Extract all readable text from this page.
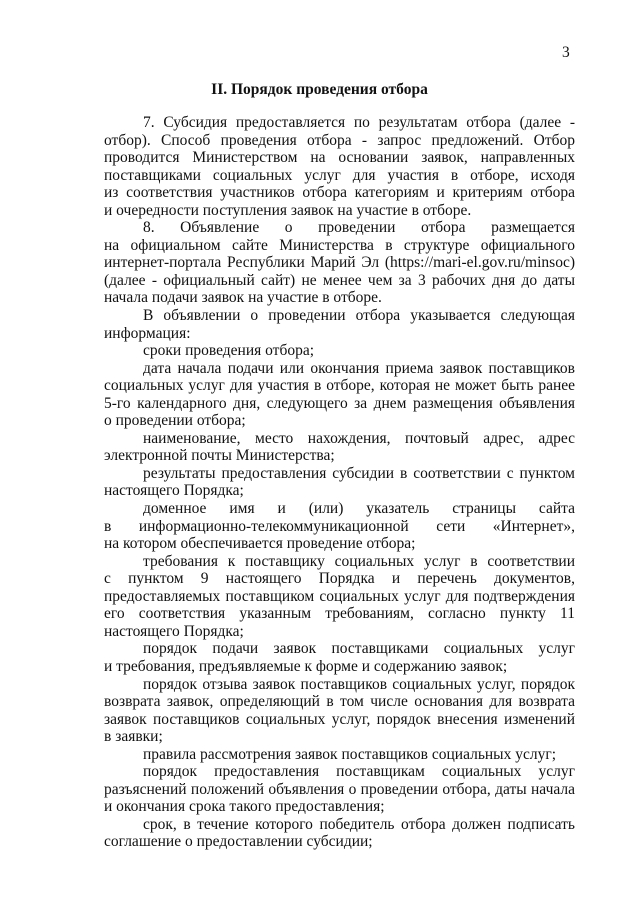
3
II. Порядок проведения отбора
7. Субсидия предоставляется по результатам отбора (далее -
отбор). Способ проведения отбора - запрос предложений. Отбор
проводится Министерством на основании заявок, направленных
поставщиками социальных услуг для участия в отборе, исходя
из соответствия участников отбора категориям и критериям отбора
и очередности поступления заявок на участие в отборе.
8. Объявление о проведении отбора размещается
на официальном сайте Министерства в структуре официального
интернет-портала Республики Марий Эл (https://mari-el.gov.ru/minsoc)
(далее - официальный сайт) не менее чем за 3 рабочих дня до даты
начала подачи заявок на участие в отборе.
В объявлении о проведении отбора указывается следующая
информация:
сроки проведения отбора;
дата начала подачи или окончания приема заявок поставщиков
социальных услуг для участия в отборе, которая не может быть ранее
5-го календарного дня, следующего за днем размещения объявления
о проведении отбора;
наименование, место нахождения, почтовый адрес, адрес
электронной почты Министерства;
результаты предоставления субсидии в соответствии с пунктом
настоящего Порядка;
доменное имя и (или) указатель страницы сайта
в информационно-телекоммуникационной сети «Интернет»,
на котором обеспечивается проведение отбора;
требования к поставщику социальных услуг в соответствии
с пунктом 9 настоящего Порядка и перечень документов,
предоставляемых поставщиком социальных услуг для подтверждения
его соответствия указанным требованиям, согласно пункту 11
настоящего Порядка;
порядок подачи заявок поставщиками социальных услуг
и требования, предъявляемые к форме и содержанию заявок;
порядок отзыва заявок поставщиков социальных услуг, порядок
возврата заявок, определяющий в том числе основания для возврата
заявок поставщиков социальных услуг, порядок внесения изменений
в заявки;
правила рассмотрения заявок поставщиков социальных услуг;
порядок предоставления поставщикам социальных услуг
разъяснений положений объявления о проведении отбора, даты начала
и окончания срока такого предоставления;
срок, в течение которого победитель отбора должен подписать
соглашение о предоставлении субсидии;
